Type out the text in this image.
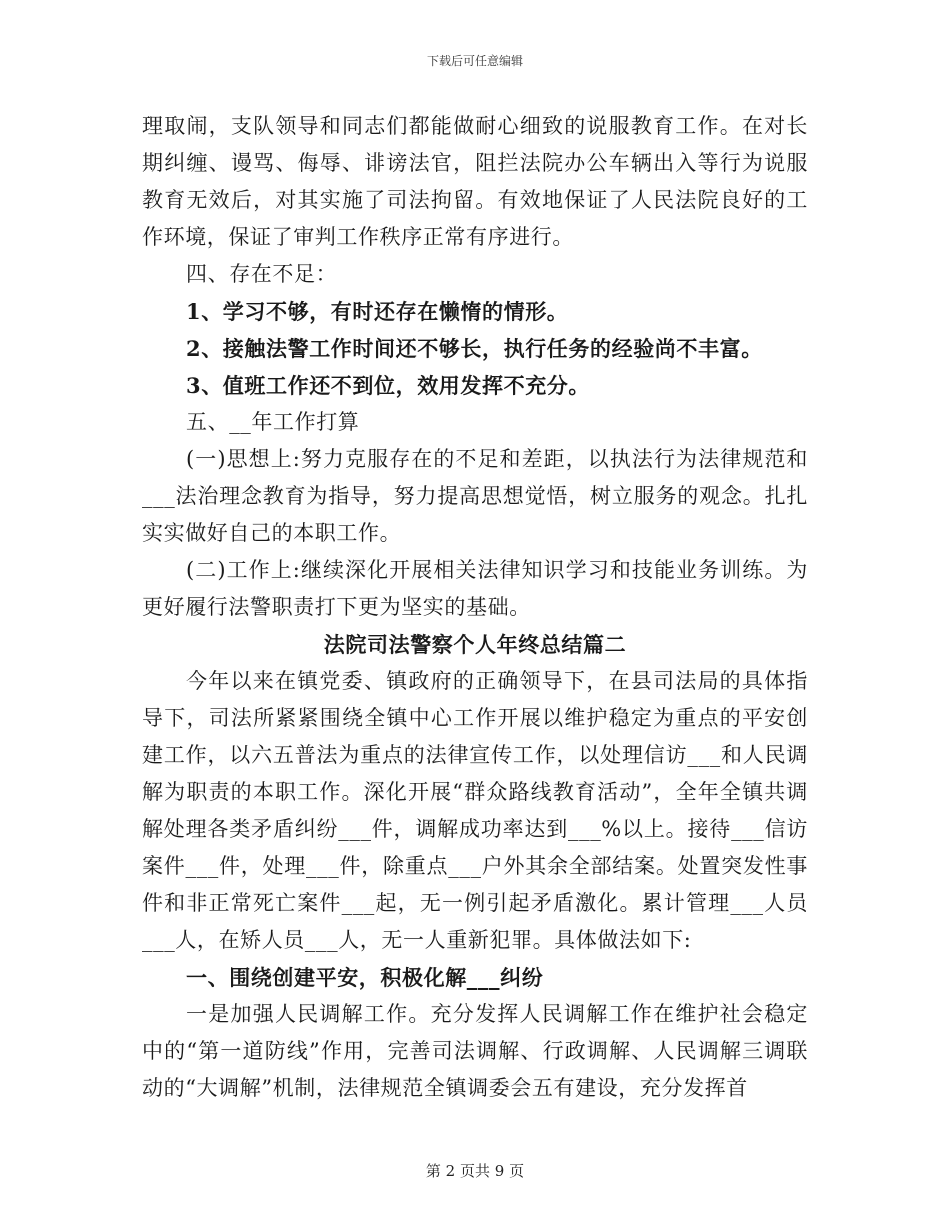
下载后可任意编辑

理取闹，支队领导和同志们都能做耐心细致的说服教育工作。在对长期纠缠、谩骂、侮辱、诽谤法官，阻拦法院办公车辆出入等行为说服教育无效后，对其实施了司法拘留。有效地保证了人民法院良好的工作环境，保证了审判工作秩序正常有序进行。

四、存在不足：

1、学习不够，有时还存在懒惰的情形。

2、接触法警工作时间还不够长，执行任务的经验尚不丰富。

3、值班工作还不到位，效用发挥不充分。

五、__年工作打算

(一)思想上:努力克服存在的不足和差距，以执法行为法律规范和___法治理念教育为指导，努力提高思想觉悟，树立服务的观念。扎扎实实做好自己的本职工作。

(二)工作上:继续深化开展相关法律知识学习和技能业务训练。为更好履行法警职责打下更为坚实的基础。

法院司法警察个人年终总结篇二

今年以来在镇党委、镇政府的正确领导下，在县司法局的具体指导下，司法所紧紧围绕全镇中心工作开展以维护稳定为重点的平安创建工作，以六五普法为重点的法律宣传工作，以处理信访___和人民调解为职责的本职工作。深化开展“群众路线教育活动”，全年全镇共调解处理各类矛盾纠纷___件，调解成功率达到___%以上。接待___信访案件___件，处理___件，除重点___户外其余全部结案。处置突发性事件和非正常死亡案件___起，无一例引起矛盾激化。累计管理___人员___人，在矫人员___人，无一人重新犯罪。具体做法如下:

一、围绕创建平安，积极化解___纠纷

一是加强人民调解工作。充分发挥人民调解工作在维护社会稳定中的“第一道防线”作用，完善司法调解、行政调解、人民调解三调联动的“大调解”机制，法律规范全镇调委会五有建设，充分发挥首

第 2 页共 9 页
